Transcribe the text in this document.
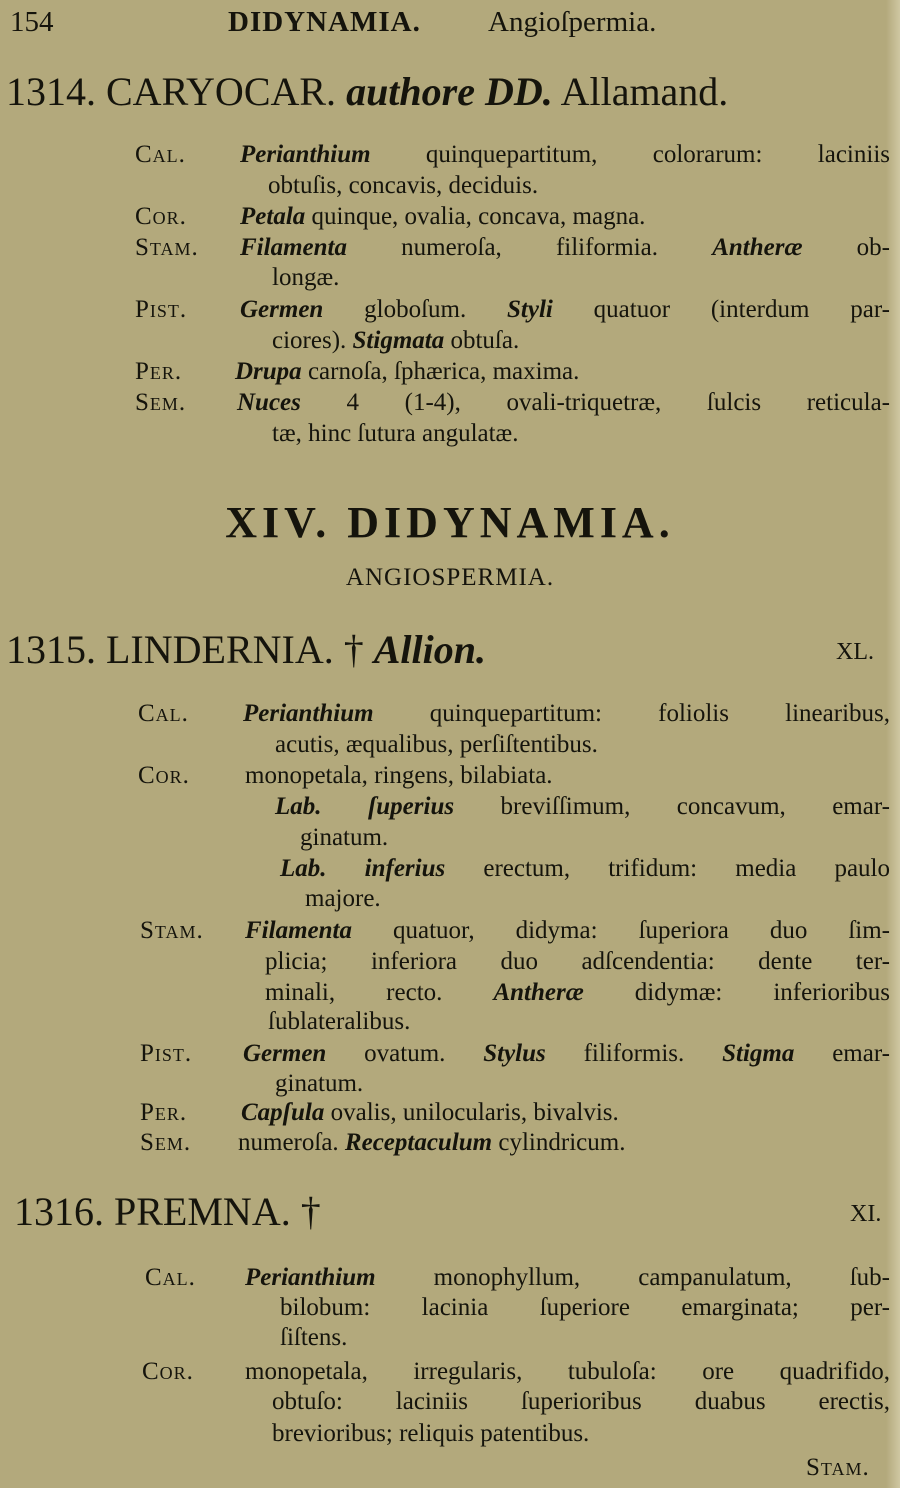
154	DIDYNAMIA. Angioſpermia.
1314. CARYOCAR. authore DD. Allamand.
Cal. Perianthium quinquepartitum, colorarum: laciniis
obtuſis, concavis, deciduis.
Cor. Petala quinque, ovalia, concava, magna.
Stam. Filamenta numeroſa, filiformia. Antheræ ob-
longæ.
Pist. Germen globoſum. Styli quatuor (interdum par-
ciores). Stigmata obtuſa.
Per. Drupa carnoſa, ſphærica, maxima.
Sem. Nuces 4 (1-4), ovali-triquetræ, ſulcis reticula-
tæ, hinc ſutura angulatæ.
XIV. DIDYNAMIA.
ANGIOSPERMIA.
1315. LINDERNIA. † Allion.	XL.
Cal. Perianthium quinquepartitum: foliolis linearibus,
acutis, æqualibus, perſiſtentibus.
Cor. monopetala, ringens, bilabiata.
Lab. ſuperius breviſſimum, concavum, emar-
ginatum.
Lab. inferius erectum, trifidum: media paulo
majore.
Stam. Filamenta quatuor, didyma: ſuperiora duo ſim-
plicia; inferiora duo adſcendentia: dente ter-
minali, recto. Antheræ didymæ: inferioribus
ſublateralibus.
Pist. Germen ovatum. Stylus filiformis. Stigma emar-
ginatum.
Per. Capſula ovalis, unilocularis, bivalvis.
Sem. numeroſa. Receptaculum cylindricum.
1316. PREMNA. †	XI.
Cal. Perianthium monophyllum, campanulatum, ſub-
bilobum: lacinia ſuperiore emarginata; per-
ſiſtens.
Cor. monopetala, irregularis, tubuloſa: ore quadrifido,
obtuſo: laciniis ſuperioribus duabus erectis,
brevioribus; reliquis patentibus.
Stam.
